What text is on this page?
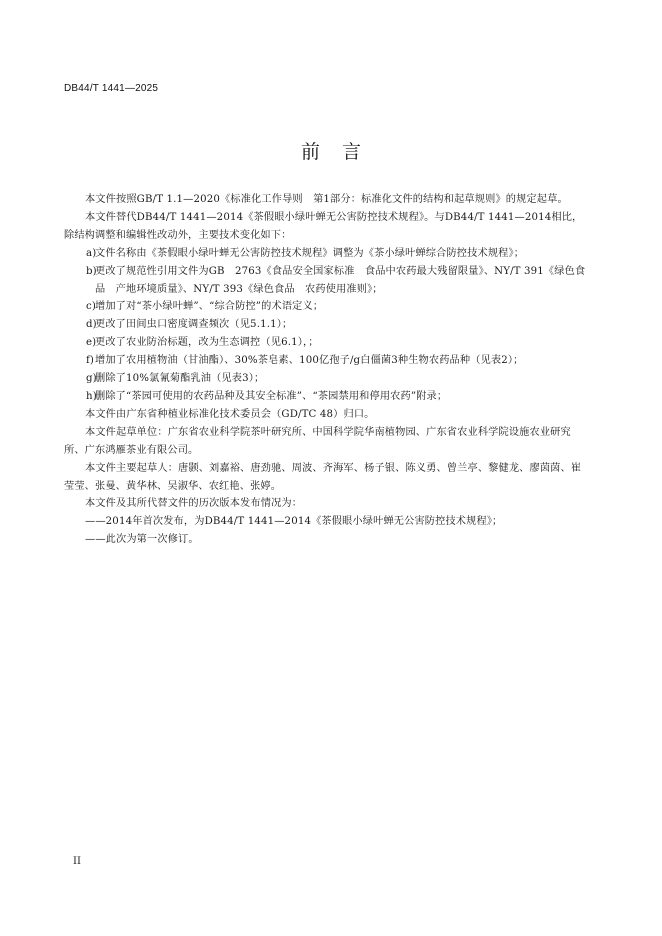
DB44/T 1441—2025
前言

本文件按照GB/T 1.1—2020《标准化工作导则　第1部分：标准化文件的结构和起草规则》的规定起草。

本文件替代DB44/T 1441—2014《茶假眼小绿叶蝉无公害防控技术规程》。与DB44/T 1441—2014相比，除结构调整和编辑性改动外，主要技术变化如下：

a)
文件名称由《茶假眼小绿叶蝉无公害防控技术规程》调整为《茶小绿叶蝉综合防控技术规程》；

b)
更改了规范性引用文件为GB　2763《食品安全国家标准　食品中农药最大残留限量》、NY/T 391《绿色食品　产地环境质量》、NY/T 393《绿色食品　农药使用准则》；

c) 增加了对“茶小绿叶蝉”、“综合防控”的术语定义；

d)
更改了田间虫口密度调查频次（见5.1.1）；

e)
更改了农业防治标题，改为生态调控（见6.1），；

f) 增加了农用植物油（甘油酯）、30%茶皂素、100亿孢子/g白僵菌3种生物农药品种（见表2）；

g)
删除了10%氯氰菊酯乳油（见表3）；

h)
删除了“茶园可使用的农药品种及其安全标准”、“茶园禁用和停用农药”附录；

本文件由广东省种植业标准化技术委员会（GD/TC 48）归口。

本文件起草单位：广东省农业科学院茶叶研究所、中国科学院华南植物园、广东省农业科学院设施农业研究所、广东鸿雁茶业有限公司。

本文件主要起草人：唐颢、刘嘉裕、唐劲驰、周波、齐海军、杨子银、陈义勇、曾兰亭、黎健龙、廖茵茵、崔莹莹、张曼、黄华林、吴淑华、农红艳、张婷。

本文件及其所代替文件的历次版本发布情况为：

——2014年首次发布，为DB44/T 1441—2014《茶假眼小绿叶蝉无公害防控技术规程》；

——此次为第一次修订。

II
